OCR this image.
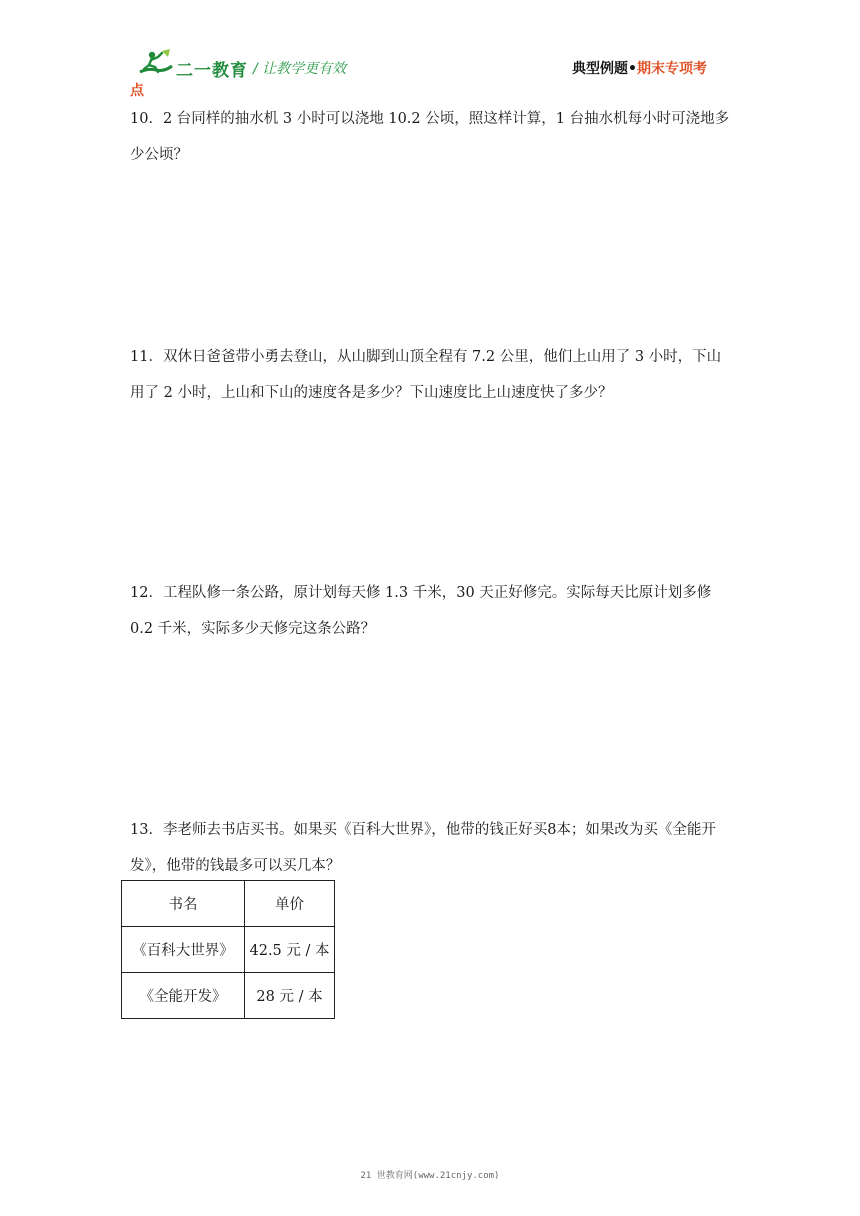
二一教育 / 让教学更有效	典型例题•期末专项考
点
10．2 台同样的抽水机 3 小时可以浇地 10.2 公顷，照这样计算，1 台抽水机每小时可浇地多少公顷？
11．双休日爸爸带小勇去登山，从山脚到山顶全程有 7.2 公里，他们上山用了 3 小时，下山用了 2 小时，上山和下山的速度各是多少？下山速度比上山速度快了多少？
12．工程队修一条公路，原计划每天修 1.3 千米，30 天正好修完。实际每天比原计划多修 0.2 千米，实际多少天修完这条公路？
13．李老师去书店买书。如果买《百科大世界》，他带的钱正好买8本；如果改为买《全能开发》，他带的钱最多可以买几本？
书名	单价
《百科大世界》	42.5 元 / 本
《全能开发》	28 元 / 本
21 世教育网(www.21cnjy.com)
